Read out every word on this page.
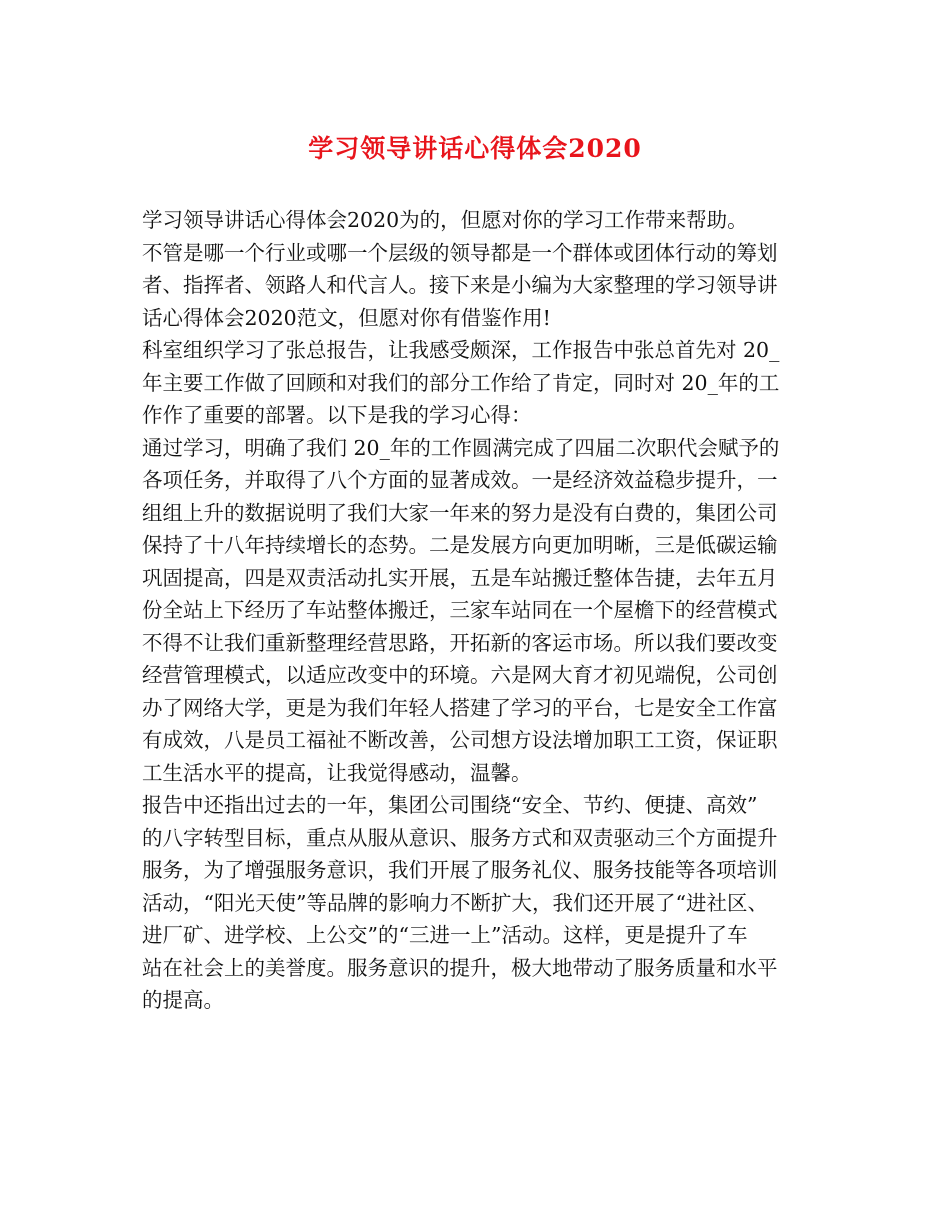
学习领导讲话心得体会2020
学习领导讲话心得体会2020为的，但愿对你的学习工作带来帮助。
不管是哪一个行业或哪一个层级的领导都是一个群体或团体行动的筹划
者、指挥者、领路人和代言人。接下来是小编为大家整理的学习领导讲
话心得体会2020范文，但愿对你有借鉴作用!
科室组织学习了张总报告，让我感受颇深，工作报告中张总首先对 20_
年主要工作做了回顾和对我们的部分工作给了肯定，同时对 20_年的工
作作了重要的部署。以下是我的学习心得：
通过学习，明确了我们 20_年的工作圆满完成了四届二次职代会赋予的
各项任务，并取得了八个方面的显著成效。一是经济效益稳步提升，一
组组上升的数据说明了我们大家一年来的努力是没有白费的，集团公司
保持了十八年持续增长的态势。二是发展方向更加明晰，三是低碳运输
巩固提高，四是双责活动扎实开展，五是车站搬迁整体告捷，去年五月
份全站上下经历了车站整体搬迁，三家车站同在一个屋檐下的经营模式
不得不让我们重新整理经营思路，开拓新的客运市场。所以我们要改变
经营管理模式，以适应改变中的环境。六是网大育才初见端倪，公司创
办了网络大学，更是为我们年轻人搭建了学习的平台，七是安全工作富
有成效，八是员工福祉不断改善，公司想方设法增加职工工资，保证职
工生活水平的提高，让我觉得感动，温馨。
报告中还指出过去的一年，集团公司围绕“安全、节约、便捷、高效”
的八字转型目标，重点从服从意识、服务方式和双责驱动三个方面提升
服务，为了增强服务意识，我们开展了服务礼仪、服务技能等各项培训
活动，“阳光天使”等品牌的影响力不断扩大，我们还开展了“进社区、
进厂矿、进学校、上公交”的“三进一上”活动。这样，更是提升了车
站在社会上的美誉度。服务意识的提升，极大地带动了服务质量和水平
的提高。
